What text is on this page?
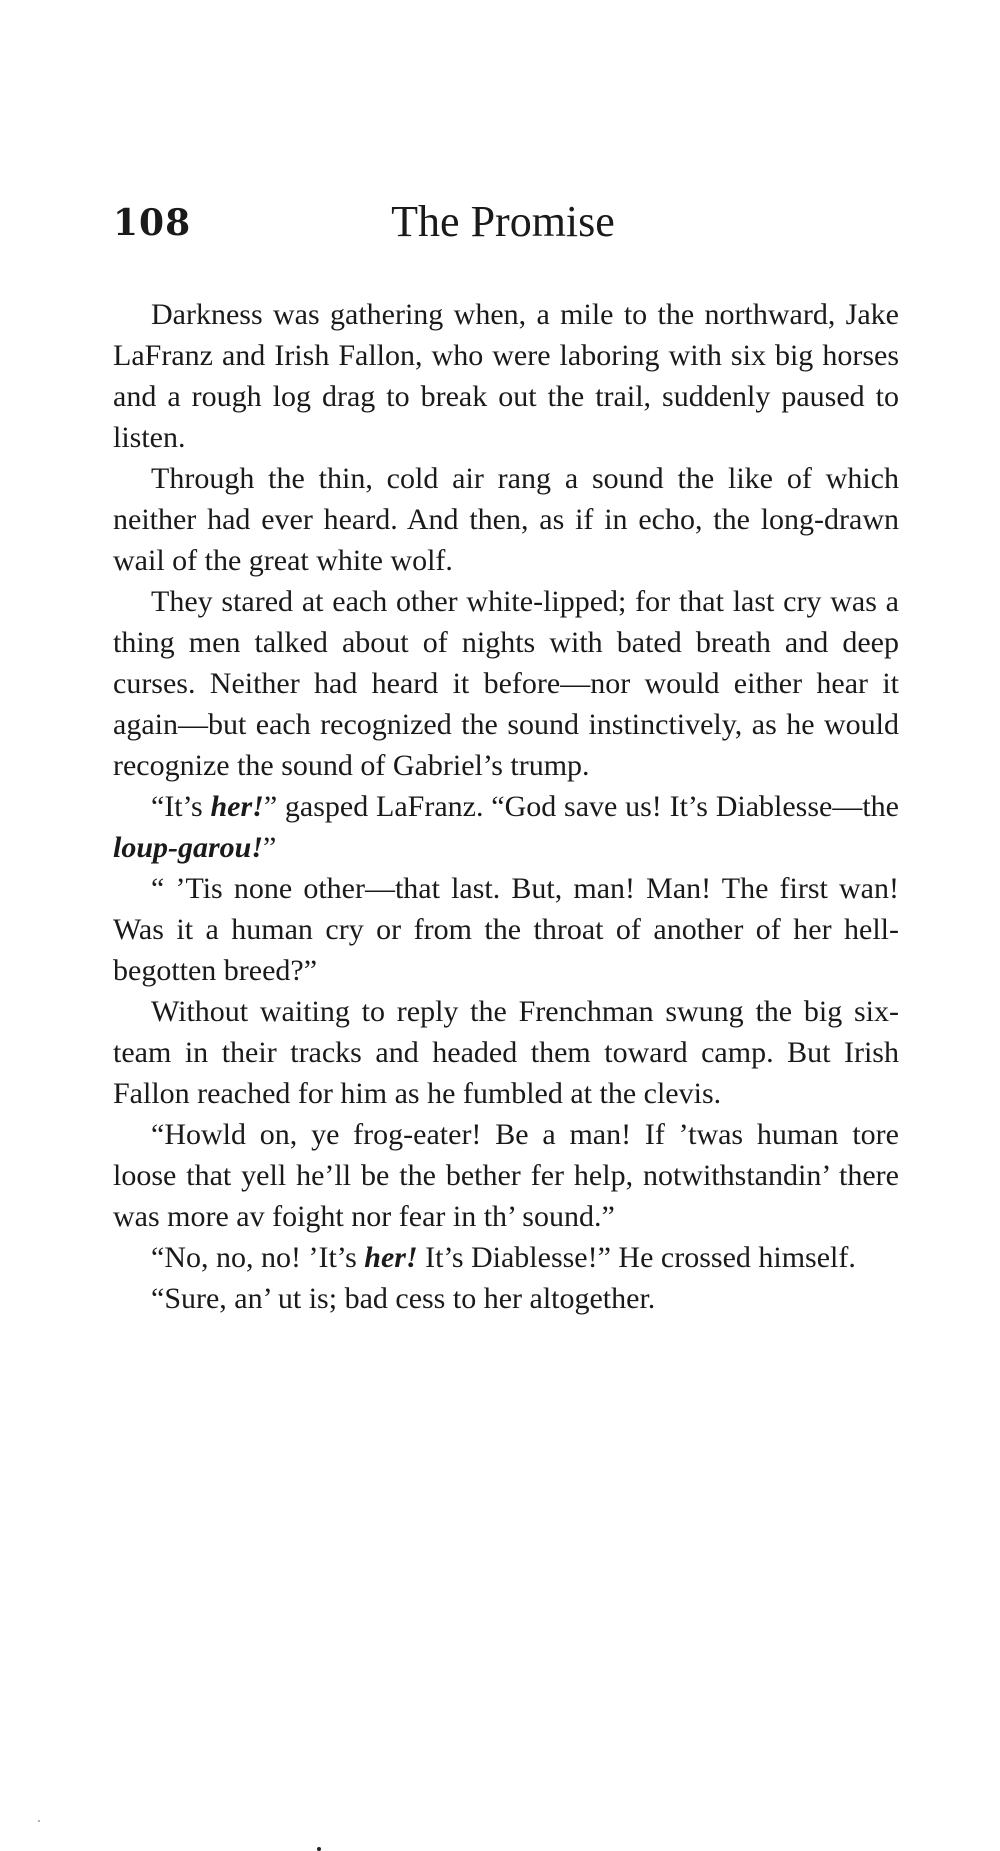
108	The Promise

Darkness was gathering when, a mile to the northward, Jake LaFranz and Irish Fallon, who were laboring with six big horses and a rough log drag to break out the trail, suddenly paused to listen.

Through the thin, cold air rang a sound the like of which neither had ever heard. And then, as if in echo, the long-drawn wail of the great white wolf.

They stared at each other white-lipped; for that last cry was a thing men talked about of nights with bated breath and deep curses. Neither had heard it before—nor would either hear it again—but each recognized the sound instinctively, as he would recognize the sound of Gabriel’s trump.

“It’s her!” gasped LaFranz. “God save us! It’s Diablesse—the loup-garou!”

“ ’Tis none other—that last. But, man! Man! The first wan! Was it a human cry or from the throat of another of her hell-begotten breed?”

Without waiting to reply the Frenchman swung the big six-team in their tracks and headed them toward camp. But Irish Fallon reached for him as he fumbled at the clevis.

“Howld on, ye frog-eater! Be a man! If ’twas human tore loose that yell he’ll be the bether fer help, notwithstandin’ there was more av foight nor fear in th’ sound.”

“No, no, no! ’It’s her! It’s Diablesse!” He crossed himself.

“Sure, an’ ut is; bad cess to her altogether.
